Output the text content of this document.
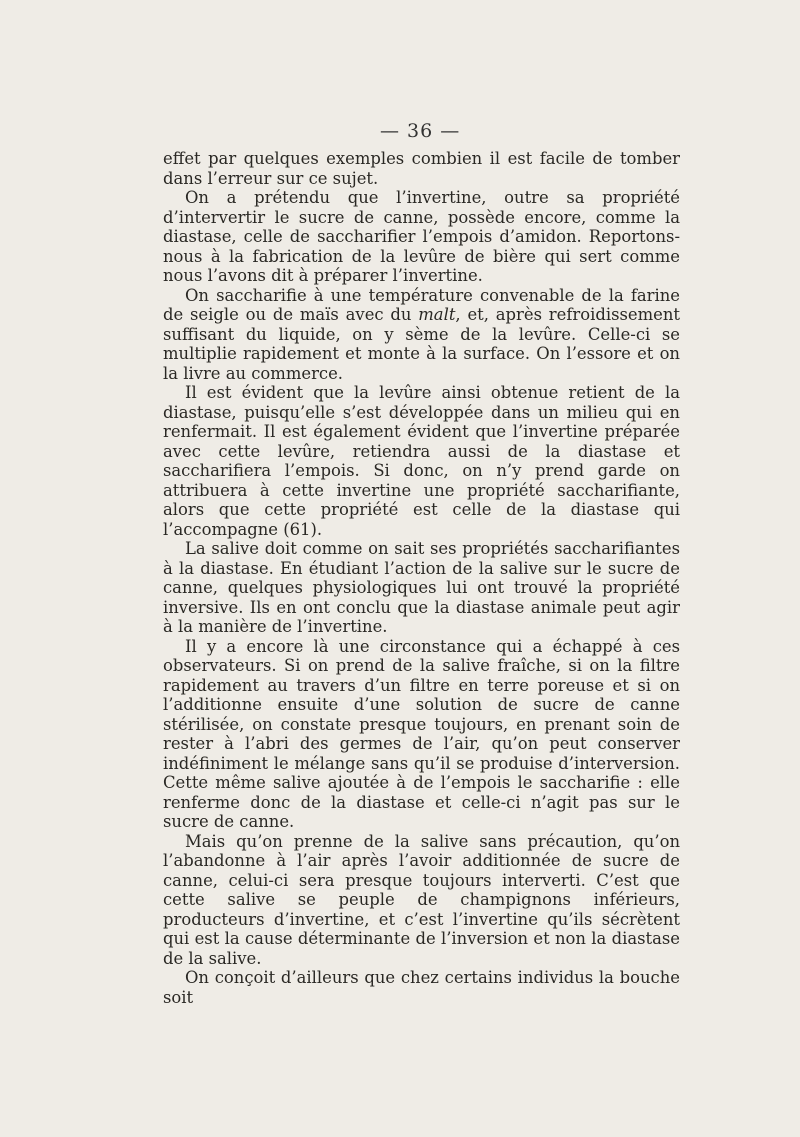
— 36 —

effet par quelques exemples combien il est facile de tomber dans l’erreur sur ce sujet.

On a prétendu que l’invertine, outre sa propriété d’intervertir le sucre de canne, possède encore, comme la diastase, celle de saccharifier l’empois d’amidon. Reportons-nous à la fabrication de la levûre de bière qui sert comme nous l’avons dit à préparer l’invertine.

On saccharifie à une température convenable de la farine de seigle ou de maïs avec du malt, et, après refroidissement suffisant du liquide, on y sème de la levûre. Celle-ci se multiplie rapidement et monte à la surface. On l’essore et on la livre au commerce.

Il est évident que la levûre ainsi obtenue retient de la diastase, puisqu’elle s’est développée dans un milieu qui en renfermait. Il est également évident que l’invertine préparée avec cette levûre, retiendra aussi de la diastase et saccharifiera l’empois. Si donc, on n’y prend garde on attribuera à cette invertine une propriété saccharifiante, alors que cette propriété est celle de la diastase qui l’accompagne (61).

La salive doit comme on sait ses propriétés saccharifiantes à la diastase. En étudiant l’action de la salive sur le sucre de canne, quelques physiologiques lui ont trouvé la propriété inversive. Ils en ont conclu que la diastase animale peut agir à la manière de l’invertine.

Il y a encore là une circonstance qui a échappé à ces observateurs. Si on prend de la salive fraîche, si on la filtre rapidement au travers d’un filtre en terre poreuse et si on l’additionne ensuite d’une solution de sucre de canne stérilisée, on constate presque toujours, en prenant soin de rester à l’abri des germes de l’air, qu’on peut conserver indéfiniment le mélange sans qu’il se produise d’interversion. Cette même salive ajoutée à de l’empois le saccharifie : elle renferme donc de la diastase et celle-ci n’agit pas sur le sucre de canne.

Mais qu’on prenne de la salive sans précaution, qu’on l’abandonne à l’air après l’avoir additionnée de sucre de canne, celui-ci sera presque toujours interverti. C’est que cette salive se peuple de champignons inférieurs, producteurs d’invertine, et c’est l’invertine qu’ils sécrètent qui est la cause déterminante de l’inversion et non la diastase de la salive.

On conçoit d’ailleurs que chez certains individus la bouche soit
